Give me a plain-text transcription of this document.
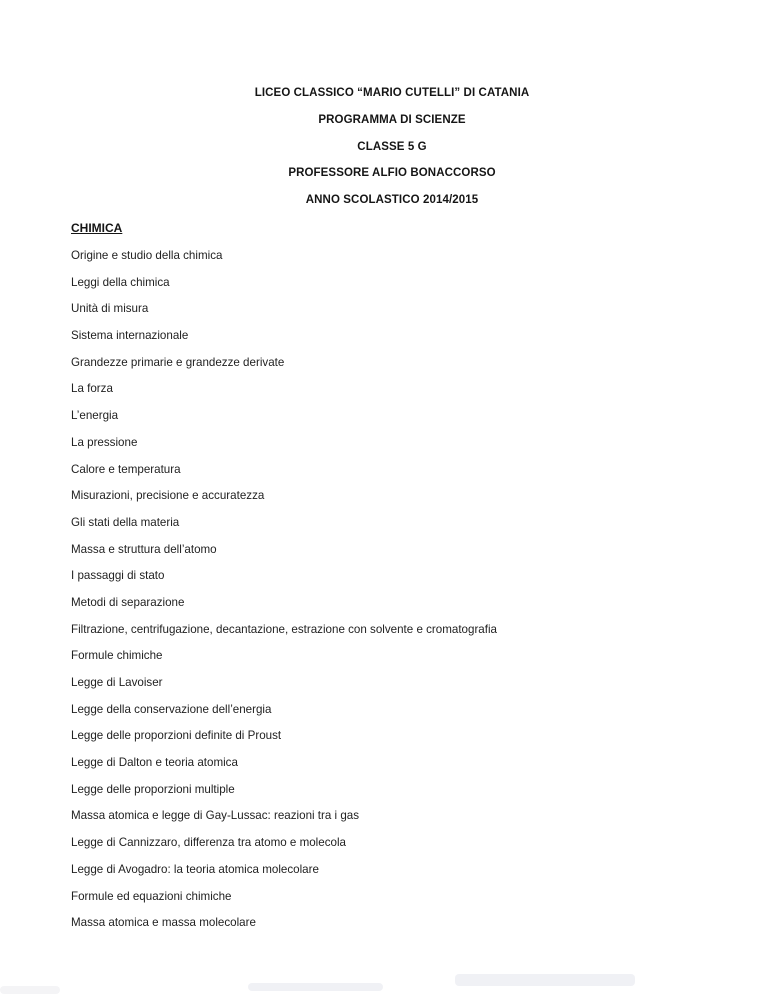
LICEO CLASSICO “MARIO CUTELLI” DI CATANIA
PROGRAMMA DI SCIENZE
CLASSE 5 G
PROFESSORE ALFIO BONACCORSO
ANNO SCOLASTICO 2014/2015
CHIMICA
Origine e studio della chimica
Leggi della chimica
Unità di misura
Sistema internazionale
Grandezze primarie e grandezze derivate
La forza
L’energia
La pressione
Calore e temperatura
Misurazioni, precisione e accuratezza
Gli stati della materia
Massa e struttura dell’atomo
I passaggi di stato
Metodi di separazione
Filtrazione, centrifugazione, decantazione, estrazione con solvente e cromatografia
Formule chimiche
Legge di Lavoiser
Legge della conservazione dell’energia
Legge delle proporzioni definite di Proust
Legge di Dalton e teoria atomica
Legge delle proporzioni multiple
Massa atomica e legge di Gay-Lussac: reazioni tra i gas
Legge di Cannizzaro, differenza tra atomo e molecola
Legge di Avogadro: la teoria atomica molecolare
Formule ed equazioni chimiche
Massa atomica e massa molecolare
